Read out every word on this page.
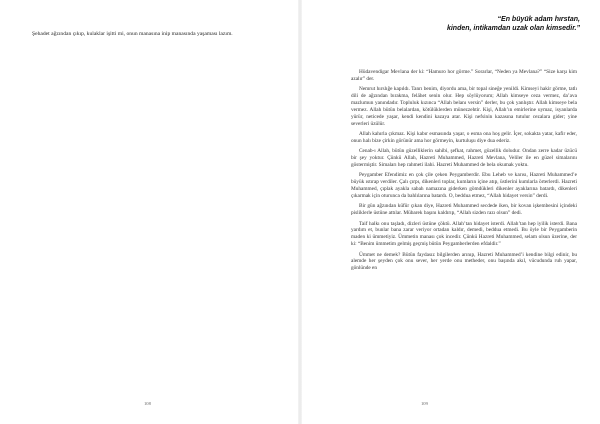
Şehadet ağzından çıkıp, kulaklar işitti mi, onun manasına inip manasında yaşaması lazım.
108
“En büyük adam hırstan,
kinden, intikamdan uzak olan kimsedir.”

Hüdavendigar Mevlana der ki: “Hamuro hor görme.” Sorarlar, “Neden ya Mevlana?” “Size karşı kim azalır” der.

Nemrut hırslığe kapıldı. Tanrı benim, diyordu ama, bir topal sineğe yenildi. Kimseyi hakir görme, tatlı dili de ağzından bırakma, felähet senin olur. Hep söylüyorum; Allah kimseye ceza vermez, da’ava mazlumun yanındadır. Topluluk kızınca “Allah belanı versin” derler, bu çok yanlıştır. Allah kimseye bela vermez. Allah bütün belalardan, kötülüklerden münezzehtir. Kişi, Allah’ın emirlerine uymaz, isyanlarda yürür, neticede yaşar, kendi kendini kazaya atar. Kişi nefsinin kazasına tutulur cezalara gider; yine severleri üzülür.

Allah kahırla çıkmaz. Kişi kabır esmasında yaşar, o esma ona hoş gelir. İçer, sokakta yatar, kafir eder, onun halı bize çirkin görünür ama hor görmeyin, kurtuluşu diye dua ederiz.

Cenab-ı Allah, bütün güzelliklerin sahibi, şefkat, rahmet, güzellik doludur. Ondan zerre kadar üzücü bir şey yoktur. Çünkü Allah, Hazreti Muhammed, Hazreti Mevlana, Veliler ile en güzel simalarını göstermiştir. Simaları hep rahmeti ilahi. Hazreti Muhammed de bela okumak yoktu.

Peygamber Efendimiz en çok çile çeken Peygamberdir. Ebu Leheb ve karısı, Hazreti Muhammed’e büyük ıstırap verdiler. Çalı çırpı, dikenleri toplar, kumların içine atıp, üstlerini kumlarla örterlerdi. Hazreti Muhammed, çıplak ayakla sabah namazına giderken gömdükleri dikenler ayaklarına batardı, dikenleri çıkarmak için oturunca da bahlılarına batardı. O, beddua etmez, “Allah hidayet versin” derdi.

Bir gün ağzından küfür çıkan diye, Hazreti Muhammed secdede iken, bir kovan işkembesini içindeki pisliklerle üstüne attılar. Mübarek başını kaldırıp, “Allah sizden razı olsun” dedi.

Taif halkı onu taşladı, dizleri üstüne çöktü. Allah’tan hidayet isterdi. Allah’tan hep iyilik isterdi. Bana yardım et, bunlar bana zarar veriyor ortadan kaldır, demedi, beddua etmedi. Bu öyle bir Peygamberin maden ki ümmetiyiz. Ümmetin manası çok incedir. Çünkü Hazreti Muhammed, selam olsun üzerine, der ki: “Benim ümmetim gelmiş geçmiş bütün Peygamberlerden efdaldir.”

Ümmet ne demek? Bütün faydasız bilgilerden arınıp, Hazreti Muhammed’i kendine bilgi edinir, bu alemde her şeyden çok onu sever, her yerde onu metheder, onu başında akıl, vücudunda ruh yapar, gönlünde en

109
